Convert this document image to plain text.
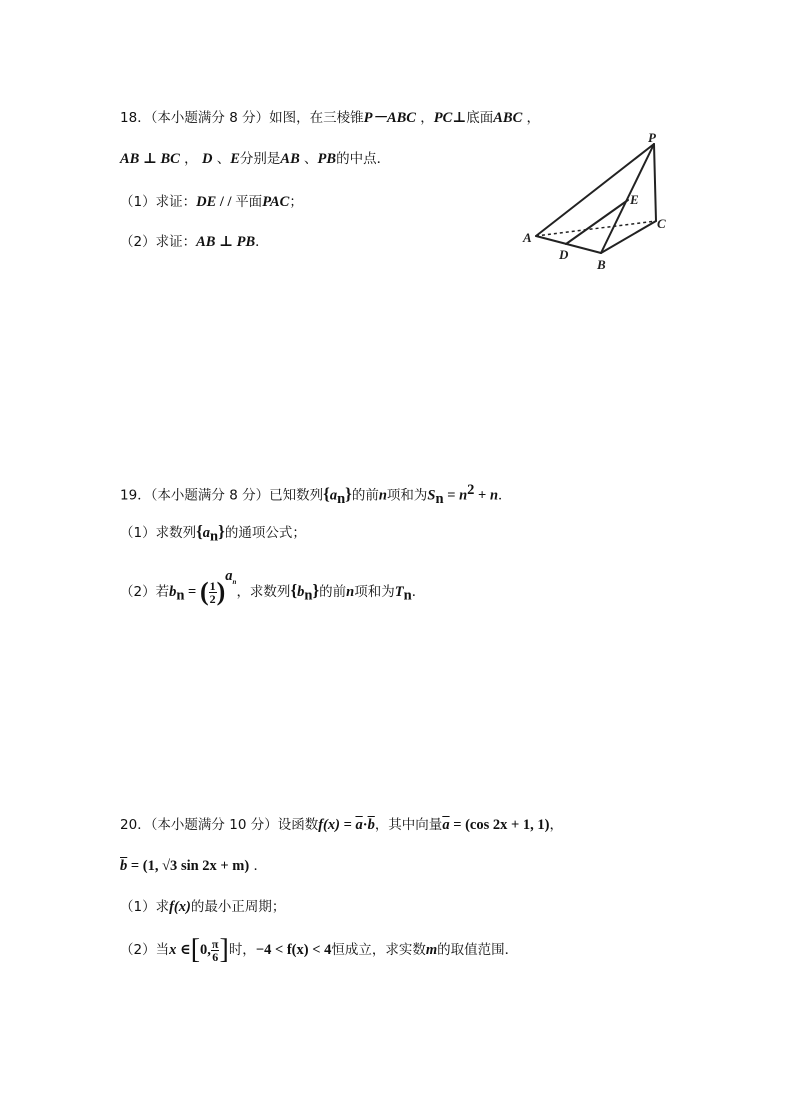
18．（本小题满分 8 分）如图，在三棱锥P－ABC ，PC⊥底面ABC ，
AB ⊥ BC ， D 、E分别是AB 、PB的中点．
（1）求证：DE / / 平面PAC；
（2）求证：AB ⊥ PB．
P
E
C
A
D
B
19．（本小题满分 8 分）已知数列$\{a_n\}$的前n项和为$S_n = n^2 + n$．
（1）求数列$\{a_n\}$的通项公式；
（2）若$b_n$ = ( $\frac{1}{2} )^{a_n}$，求数列$\{b_n\}$的前n项和为$T_n$．
20．（本小题满分 10 分）设函数$f(x) = \overline{a}\cdot\overline{b}$，其中向量$\overline{a} = (\cos$ 2x + 1, 1)，
$\overline{b} = (1$, √3 sin 2x + m) ．
（1）求f(x)的最小正周期；
（2）当x ∈[0, $\frac{\pi}{6}$ ]时，−4 < f(x) < 4恒成立，求实数m的取值范围．
